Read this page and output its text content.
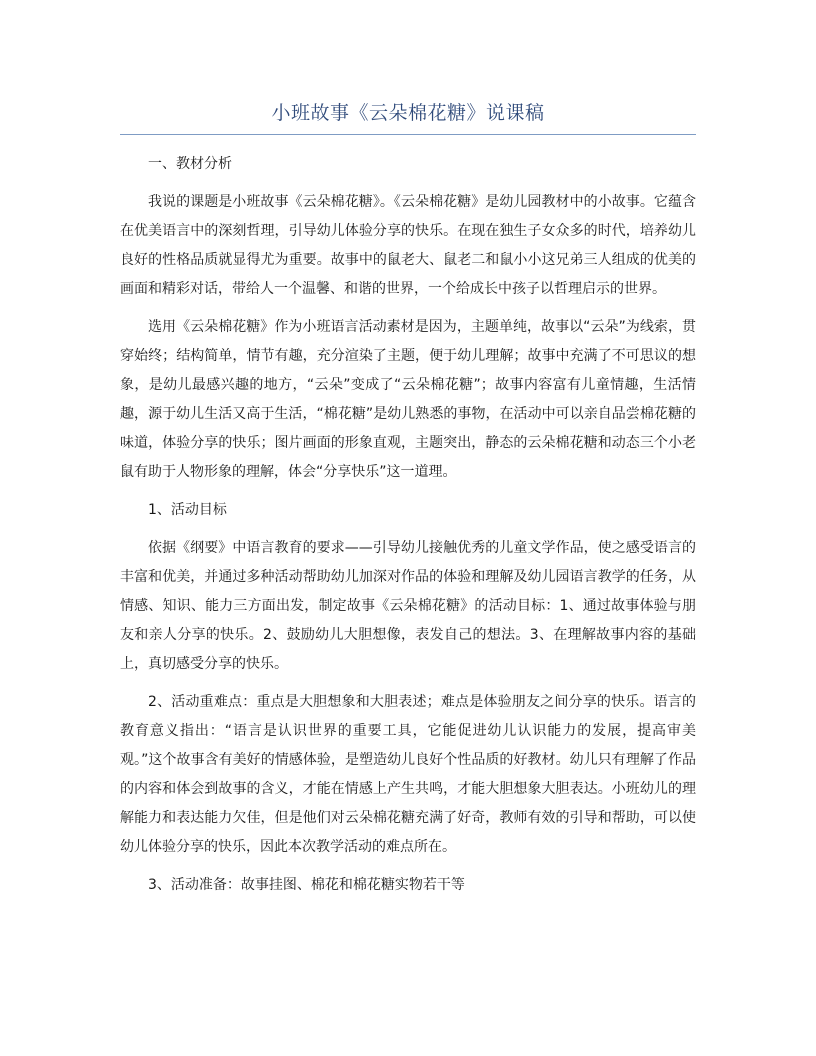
小班故事《云朵棉花糖》说课稿

一、教材分析

我说的课题是小班故事《云朵棉花糖》。《云朵棉花糖》是幼儿园教材中的小故事。它蕴含在优美语言中的深刻哲理，引导幼儿体验分享的快乐。在现在独生子女众多的时代，培养幼儿良好的性格品质就显得尤为重要。故事中的鼠老大、鼠老二和鼠小小这兄弟三人组成的优美的画面和精彩对话，带给人一个温馨、和谐的世界，一个给成长中孩子以哲理启示的世界。

选用《云朵棉花糖》作为小班语言活动素材是因为，主题单纯，故事以“云朵”为线索，贯穿始终；结构简单，情节有趣，充分渲染了主题，便于幼儿理解；故事中充满了不可思议的想象，是幼儿最感兴趣的地方，“云朵”变成了“云朵棉花糖”；故事内容富有儿童情趣，生活情趣，源于幼儿生活又高于生活，“棉花糖”是幼儿熟悉的事物，在活动中可以亲自品尝棉花糖的味道，体验分享的快乐；图片画面的形象直观，主题突出，静态的云朵棉花糖和动态三个小老鼠有助于人物形象的理解，体会“分享快乐”这一道理。

1、活动目标

依据《纲要》中语言教育的要求——引导幼儿接触优秀的儿童文学作品，使之感受语言的丰富和优美，并通过多种活动帮助幼儿加深对作品的体验和理解及幼儿园语言教学的任务，从情感、知识、能力三方面出发，制定故事《云朵棉花糖》的活动目标：1、通过故事体验与朋友和亲人分享的快乐。2、鼓励幼儿大胆想像，表发自己的想法。3、在理解故事内容的基础上，真切感受分享的快乐。

2、活动重难点：重点是大胆想象和大胆表述；难点是体验朋友之间分享的快乐。语言的教育意义指出：“语言是认识世界的重要工具，它能促进幼儿认识能力的发展，提高审美观。”这个故事含有美好的情感体验，是塑造幼儿良好个性品质的好教材。幼儿只有理解了作品的内容和体会到故事的含义，才能在情感上产生共鸣，才能大胆想象大胆表达。小班幼儿的理解能力和表达能力欠佳，但是他们对云朵棉花糖充满了好奇，教师有效的引导和帮助，可以使幼儿体验分享的快乐，因此本次教学活动的难点所在。

3、活动准备：故事挂图、棉花和棉花糖实物若干等
